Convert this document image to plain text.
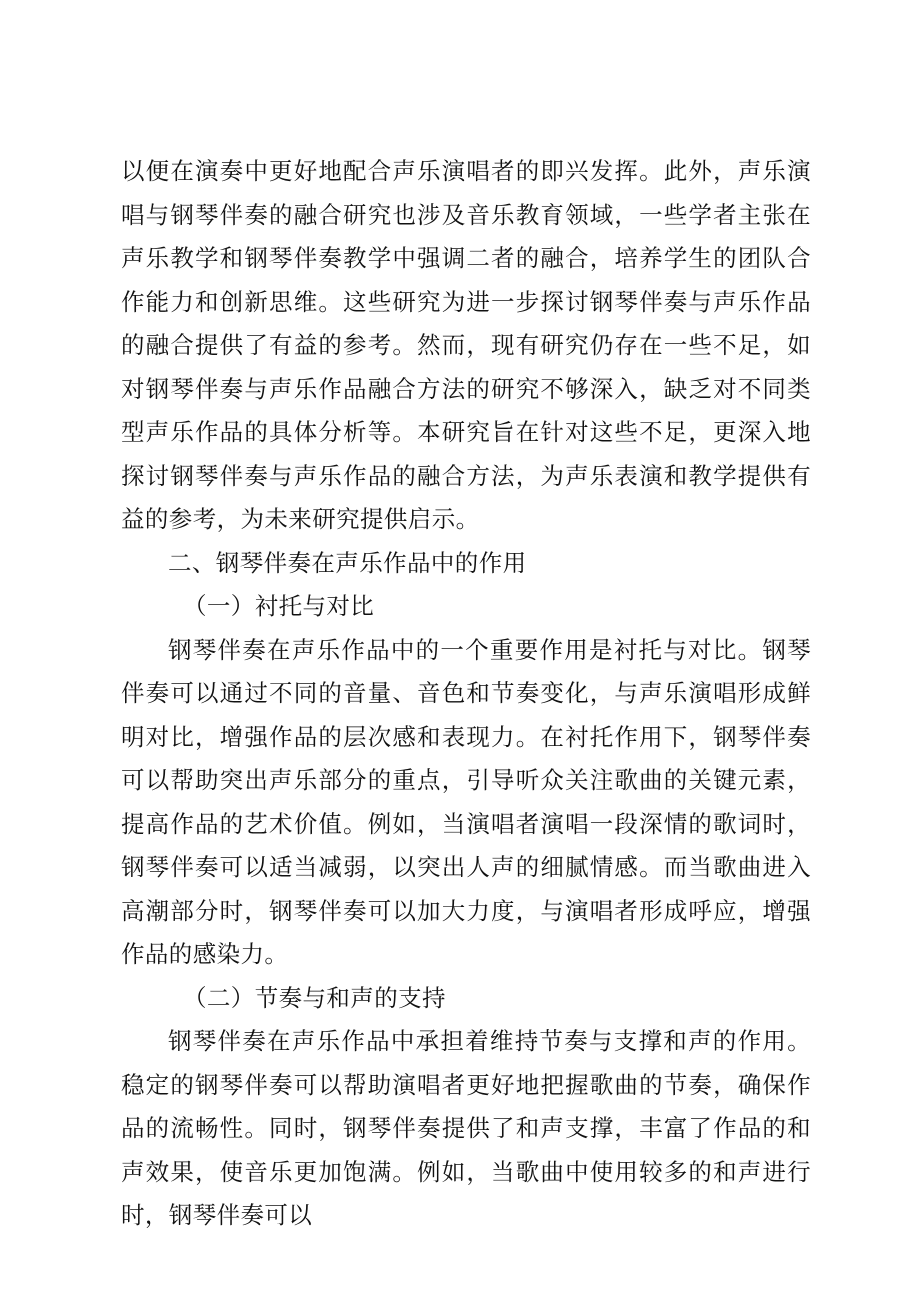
以便在演奏中更好地配合声乐演唱者的即兴发挥。此外，声乐演唱与钢琴伴奏的融合研究也涉及音乐教育领域，一些学者主张在声乐教学和钢琴伴奏教学中强调二者的融合，培养学生的团队合作能力和创新思维。这些研究为进一步探讨钢琴伴奏与声乐作品的融合提供了有益的参考。然而，现有研究仍存在一些不足，如对钢琴伴奏与声乐作品融合方法的研究不够深入，缺乏对不同类型声乐作品的具体分析等。本研究旨在针对这些不足，更深入地探讨钢琴伴奏与声乐作品的融合方法，为声乐表演和教学提供有益的参考，为未来研究提供启示。

二、钢琴伴奏在声乐作品中的作用

（一）衬托与对比

钢琴伴奏在声乐作品中的一个重要作用是衬托与对比。钢琴伴奏可以通过不同的音量、音色和节奏变化，与声乐演唱形成鲜明对比，增强作品的层次感和表现力。在衬托作用下，钢琴伴奏可以帮助突出声乐部分的重点，引导听众关注歌曲的关键元素，提高作品的艺术价值。例如，当演唱者演唱一段深情的歌词时，钢琴伴奏可以适当减弱，以突出人声的细腻情感。而当歌曲进入高潮部分时，钢琴伴奏可以加大力度，与演唱者形成呼应，增强作品的感染力。

（二）节奏与和声的支持

钢琴伴奏在声乐作品中承担着维持节奏与支撑和声的作用。稳定的钢琴伴奏可以帮助演唱者更好地把握歌曲的节奏，确保作品的流畅性。同时，钢琴伴奏提供了和声支撑，丰富了作品的和声效果，使音乐更加饱满。例如，当歌曲中使用较多的和声进行时，钢琴伴奏可以
